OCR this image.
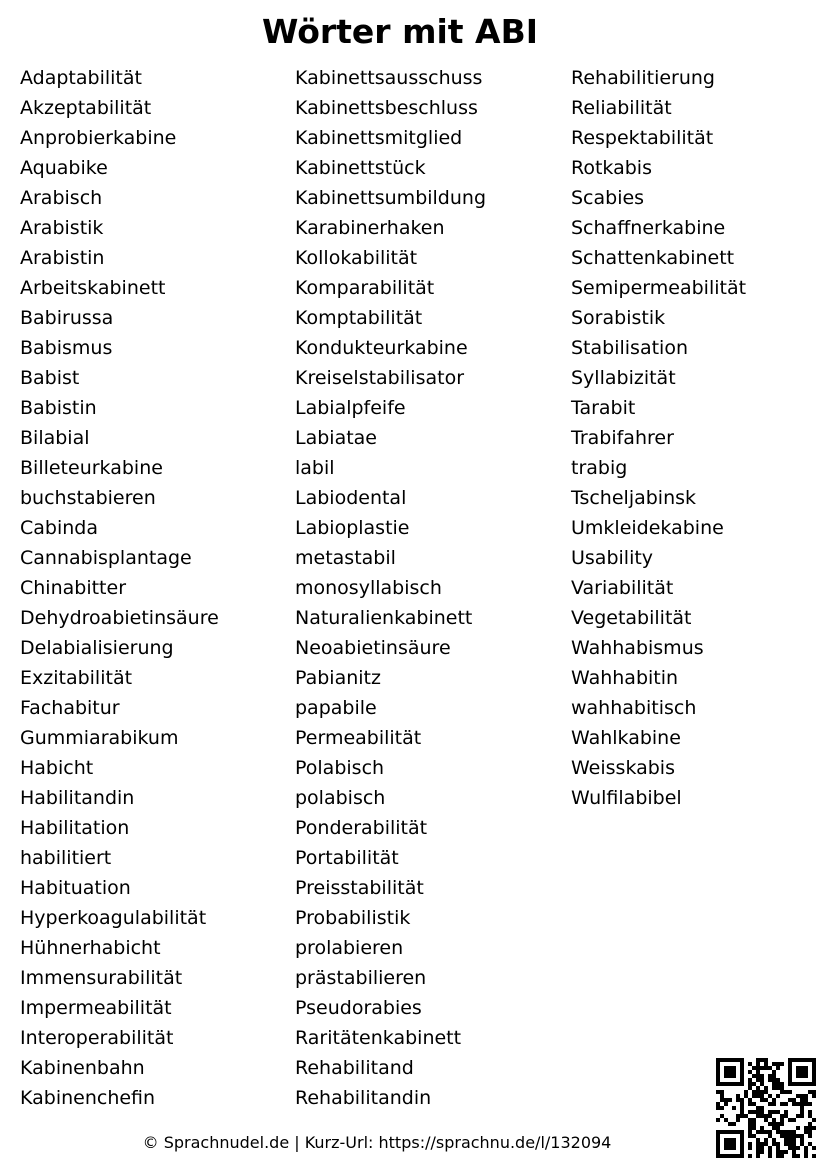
Wörter mit ABI
Adaptabilität
Akzeptabilität
Anprobierkabine
Aquabike
Arabisch
Arabistik
Arabistin
Arbeitskabinett
Babirussa
Babismus
Babist
Babistin
Bilabial
Billeteurkabine
buchstabieren
Cabinda
Cannabisplantage
Chinabitter
Dehydroabietinsäure
Delabialisierung
Exzitabilität
Fachabitur
Gummiarabikum
Habicht
Habilitandin
Habilitation
habilitiert
Habituation
Hyperkoagulabilität
Hühnerhabicht
Immensurabilität
Impermeabilität
Interoperabilität
Kabinenbahn
Kabinenchefin
Kabinettsausschuss
Kabinettsbeschluss
Kabinettsmitglied
Kabinettstück
Kabinettsumbildung
Karabinerhaken
Kollokabilität
Komparabilität
Komptabilität
Kondukteurkabine
Kreiselstabilisator
Labialpfeife
Labiatae
labil
Labiodental
Labioplastie
metastabil
monosyllabisch
Naturalienkabinett
Neoabietinsäure
Pabianitz
papabile
Permeabilität
Polabisch
polabisch
Ponderabilität
Portabilität
Preisstabilität
Probabilistik
prolabieren
prästabilieren
Pseudorabies
Raritätenkabinett
Rehabilitand
Rehabilitandin
Rehabilitierung
Reliabilität
Respektabilität
Rotkabis
Scabies
Schaffnerkabine
Schattenkabinett
Semipermeabilität
Sorabistik
Stabilisation
Syllabizität
Tarabit
Trabifahrer
trabig
Tscheljabinsk
Umkleidekabine
Usability
Variabilität
Vegetabilität
Wahhabismus
Wahhabitin
wahhabitisch
Wahlkabine
Weisskabis
Wulfilabibel
© Sprachnudel.de | Kurz-Url: https://sprachnu.de/l/132094
